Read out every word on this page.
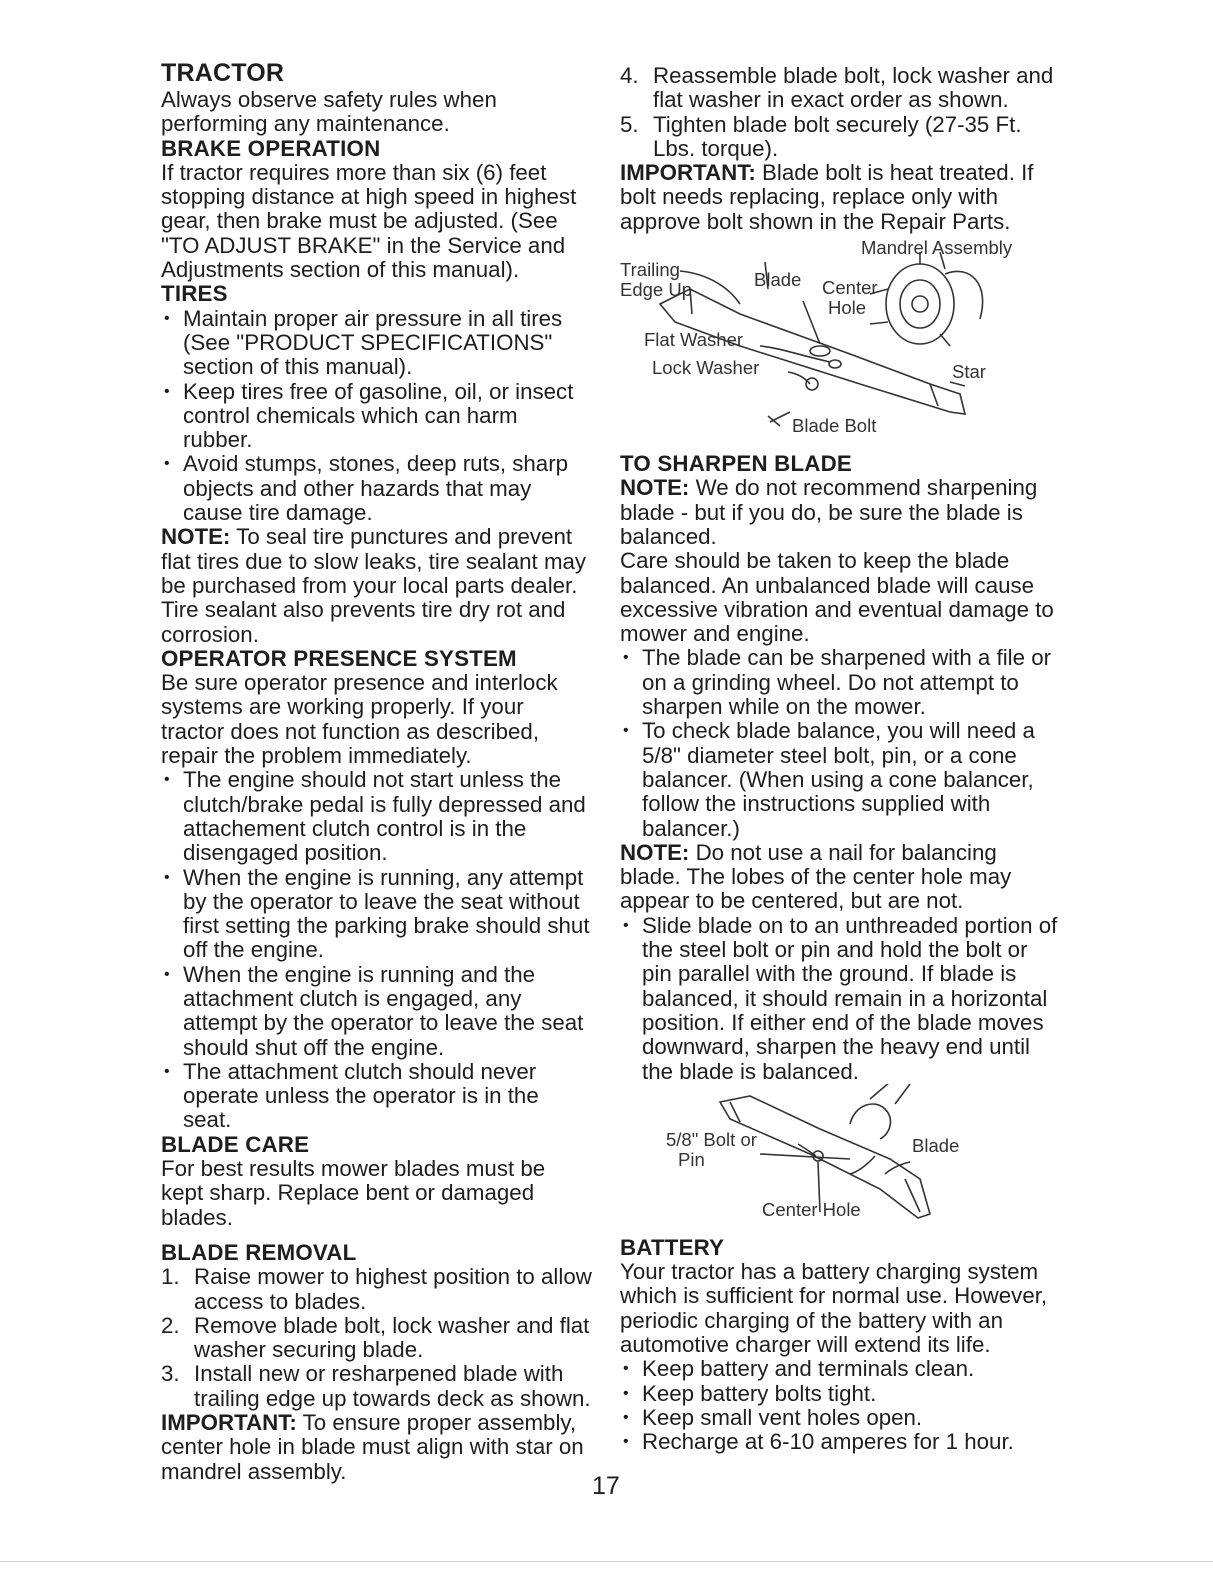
TRACTOR

Always observe safety rules when performing any maintenance.

BRAKE OPERATION

If tractor requires more than six (6) feet stopping distance at high speed in highest gear, then brake must be adjusted. (See "TO ADJUST BRAKE" in the Service and Adjustments section of this manual).

TIRES
• Maintain proper air pressure in all tires (See "PRODUCT SPECIFICATIONS" section of this manual).
• Keep tires free of gasoline, oil, or insect control chemicals which can harm rubber.
• Avoid stumps, stones, deep ruts, sharp objects and other hazards that may cause tire damage.

NOTE: To seal tire punctures and prevent flat tires due to slow leaks, tire sealant may be purchased from your local parts dealer. Tire sealant also prevents tire dry rot and corrosion.

OPERATOR PRESENCE SYSTEM

Be sure operator presence and interlock systems are working properly. If your tractor does not function as described, repair the problem immediately.

• The engine should not start unless the clutch/brake pedal is fully depressed and attachement clutch control is in the disengaged position.
• When the engine is running, any attempt by the operator to leave the seat without first setting the parking brake should shut off the engine.
• When the engine is running and the attachment clutch is engaged, any attempt by the operator to leave the seat should shut off the engine.
• The attachment clutch should never operate unless the operator is in the seat.
BLADE CARE

For best results mower blades must be kept sharp. Replace bent or damaged blades.

BLADE REMOVAL
1. Raise mower to highest position to allow access to blades.
2. Remove blade bolt, lock washer and flat washer securing blade.
3. Install new or resharpened blade with trailing edge up towards deck as shown.

IMPORTANT: To ensure proper assembly, center hole in blade must align with star on mandrel assembly.

4. Reassemble blade bolt, lock washer and flat washer in exact order as shown.
5. Tighten blade bolt securely (27-35 Ft. Lbs. torque).

IMPORTANT: Blade bolt is heat treated. If bolt needs replacing, replace only with approve bolt shown in the Repair Parts.

Mandrel Assembly
Trailing
Edge Up	Blade Center
Hole
Flat Washer
Lock Washer	Star
Blade Bolt
TO SHARPEN BLADE

NOTE: We do not recommend sharpening blade - but if you do, be sure the blade is balanced.

Care should be taken to keep the blade balanced. An unbalanced blade will cause excessive vibration and eventual damage to mower and engine.

• The blade can be sharpened with a file or on a grinding wheel. Do not attempt to sharpen while on the mower.
• To check blade balance, you will need a 5/8" diameter steel bolt, pin, or a cone balancer. (When using a cone balancer, follow the instructions supplied with balancer.)

NOTE: Do not use a nail for balancing blade. The lobes of the center hole may appear to be centered, but are not.

• Slide blade on to an unthreaded portion of the steel bolt or pin and hold the bolt or pin parallel with the ground. If blade is balanced, it should remain in a horizontal position. If either end of the blade moves downward, sharpen the heavy end until the blade is balanced.
5/8" Bolt or
Pin
Blade
Center Hole
BATTERY

Your tractor has a battery charging system which is sufficient for normal use. However, periodic charging of the battery with an automotive charger will extend its life.

• Keep battery and terminals clean.
• Keep battery bolts tight.
• Keep small vent holes open.
• Recharge at 6-10 amperes for 1 hour.
17
